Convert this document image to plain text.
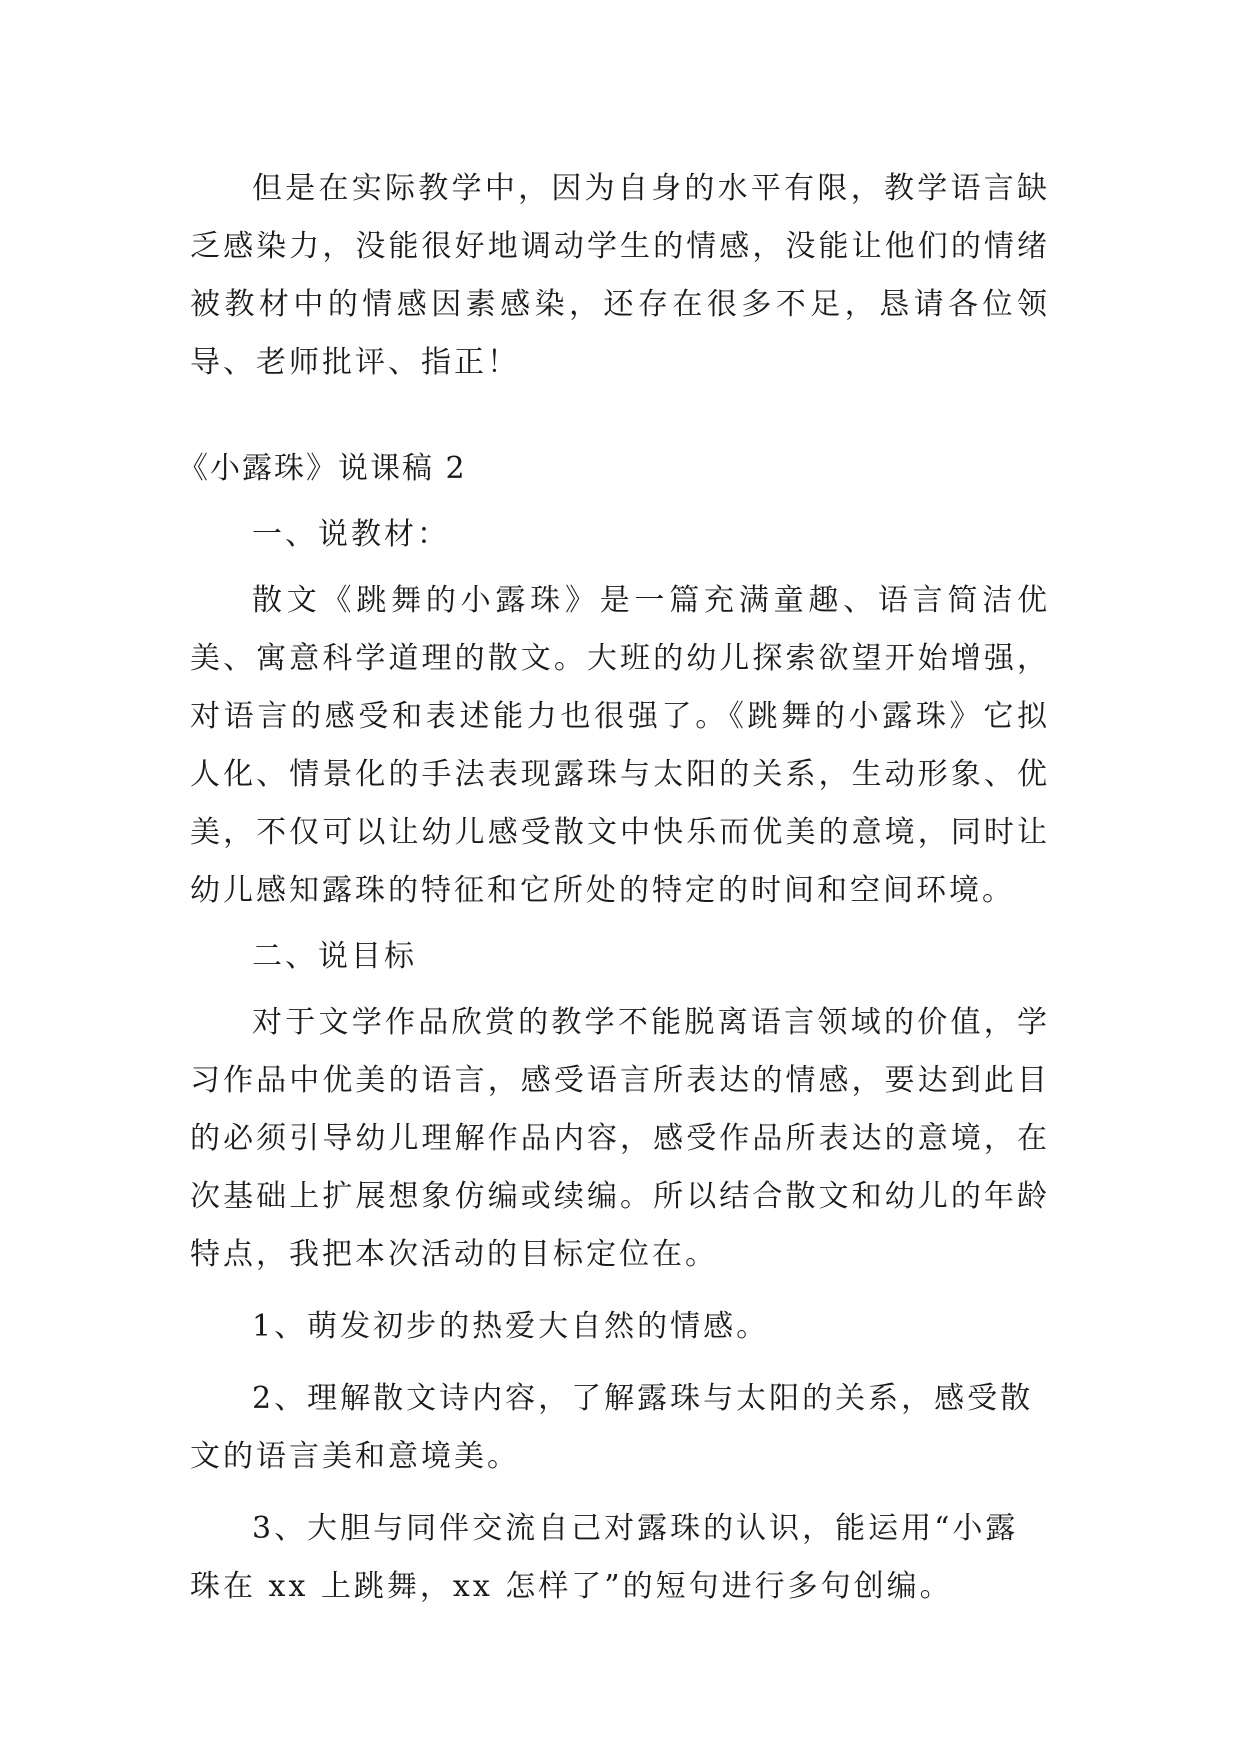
但是在实际教学中，因为自身的水平有限，教学语言缺乏感染力，没能很好地调动学生的情感，没能让他们的情绪被教材中的情感因素感染，还存在很多不足，恳请各位领导、老师批评、指正！

《小露珠》说课稿 2

一、说教材：

散文《跳舞的小露珠》是一篇充满童趣、语言简洁优美、寓意科学道理的散文。大班的幼儿探索欲望开始增强，对语言的感受和表述能力也很强了。《跳舞的小露珠》它拟人化、情景化的手法表现露珠与太阳的关系，生动形象、优美，不仅可以让幼儿感受散文中快乐而优美的意境，同时让幼儿感知露珠的特征和它所处的特定的时间和空间环境。

二、说目标

对于文学作品欣赏的教学不能脱离语言领域的价值，学习作品中优美的语言，感受语言所表达的情感，要达到此目的必须引导幼儿理解作品内容，感受作品所表达的意境，在次基础上扩展想象仿编或续编。所以结合散文和幼儿的年龄特点，我把本次活动的目标定位在。

1、萌发初步的热爱大自然的情感。

2、理解散文诗内容，了解露珠与太阳的关系，感受散文的语言美和意境美。

3、大胆与同伴交流自己对露珠的认识，能运用“小露珠在 xx 上跳舞，xx 怎样了”的短句进行多句创编。
